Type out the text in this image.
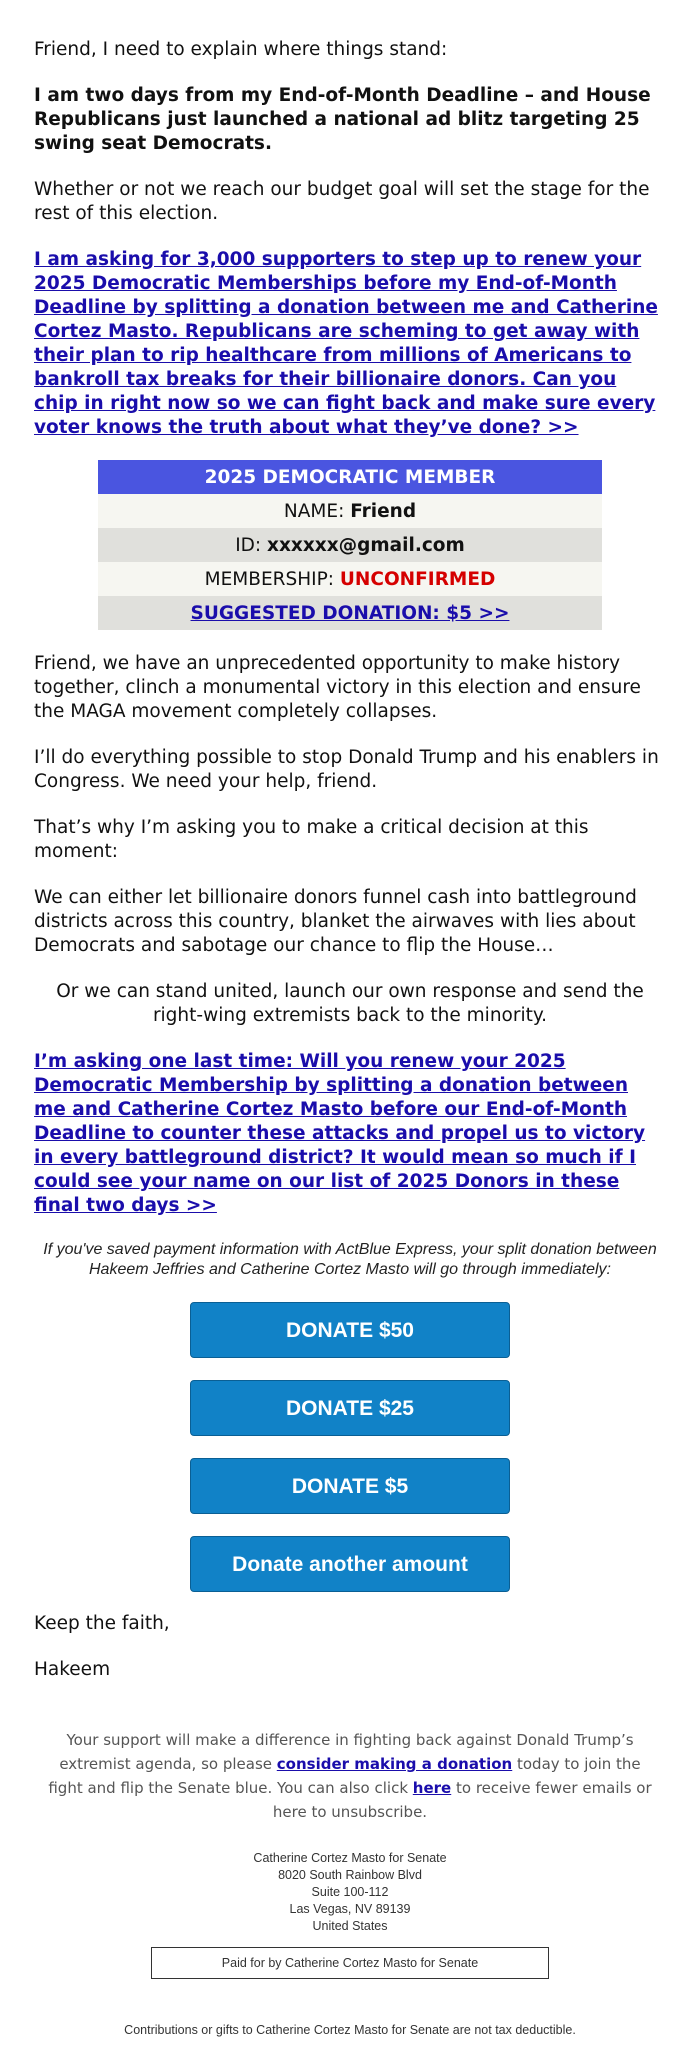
Friend, I need to explain where things stand:

I am two days from my End-of-Month Deadline – and House Republicans just launched a national ad blitz targeting 25 swing seat Democrats.

Whether or not we reach our budget goal will set the stage for the rest of this election.

I am asking for 3,000 supporters to step up to renew your 2025 Democratic Memberships before my End-of-Month Deadline by splitting a donation between me and Catherine Cortez Masto. Republicans are scheming to get away with their plan to rip healthcare from millions of Americans to bankroll tax breaks for their billionaire donors. Can you chip in right now so we can fight back and make sure every voter knows the truth about what they’ve done? >>
2025 DEMOCRATIC MEMBER
NAME: Friend
ID: xxxxxx@gmail.com
MEMBERSHIP: UNCONFIRMED
SUGGESTED DONATION: $5 >>

Friend, we have an unprecedented opportunity to make history together, clinch a monumental victory in this election and ensure the MAGA movement completely collapses.

I’ll do everything possible to stop Donald Trump and his enablers in Congress. We need your help, friend.

That’s why I’m asking you to make a critical decision at this moment:

We can either let billionaire donors funnel cash into battleground districts across this country, blanket the airwaves with lies about Democrats and sabotage our chance to flip the House…

Or we can stand united, launch our own response and send the right-wing extremists back to the minority.

I’m asking one last time: Will you renew your 2025 Democratic Membership by splitting a donation between me and Catherine Cortez Masto before our End-of-Month Deadline to counter these attacks and propel us to victory in every battleground district? It would mean so much if I could see your name on our list of 2025 Donors in these final two days >>

If you've saved payment information with ActBlue Express, your split donation between Hakeem Jeffries and Catherine Cortez Masto will go through immediately:

DONATE $50
DONATE $25
DONATE $5
Donate another amount

Keep the faith,

Hakeem

Your support will make a difference in fighting back against Donald Trump’s extremist agenda, so please consider making a donation today to join the fight and flip the Senate blue. You can also click here to receive fewer emails or here to unsubscribe.

Catherine Cortez Masto for Senate

8020 South Rainbow Blvd

Suite 100-112

Las Vegas, NV 89139

United States

Paid for by Catherine Cortez Masto for Senate

Contributions or gifts to Catherine Cortez Masto for Senate are not tax deductible.
